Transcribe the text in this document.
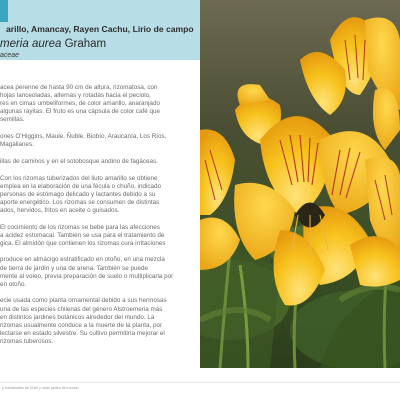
arillo, Amancay, Rayen Cachu, Lirio de campo
meria aurea Graham
aceae

acea perenne de hasta 90 cm de altura, rizomatosa, con
hojas lanceoladas, alternas y rotadas hacia el peciolo,
res en cimas umbeliformes, de color amarillo, anaranjado
algunas rayitas. El fruto es una cápsula de color café que
semillas.

ones O'Higgins, Maule, Ñuble, Biobío, Araucanía, Los Ríos,
Magallanes.

illas de caminos y en el sotobosque andino de fagáceas.

Con los rizomas tuberizados del liuto amarillo se obtiene
emplea en la elaboración de una fécula o chuño, indicado
personas de estómago delicado y lactantes debido a su
aporte energético. Los rizomas se consumen de distintas
ados, hervidos, fritos en aceite o guisados.

El cocimiento de los rizomas se bebe para las afecciones
a acidez estomacal. También se usa para el tratamiento de
gica. El almidón que contienen los rizomas cura irritaciones

produce en almácigo estratificado en otoño, en una mezcla
de tierra de jardín y una de arena. También se puede
mente al voleo, previa preparación de suelo o multiplicarla por
en otoño.

ecie usada como planta ornamental debido a sus hermosas
una de las especies chilenas del género Alstroemeria más
en distintos jardines botánicos alrededor del mundo. La
rizomas usualmente conduce a la muerte de la planta, por
lectarse en estado silvestre. Su cultivo permitiría mejorar el
rizomas tuberosos.

y medicinales de Chile y otras partes del mundo
